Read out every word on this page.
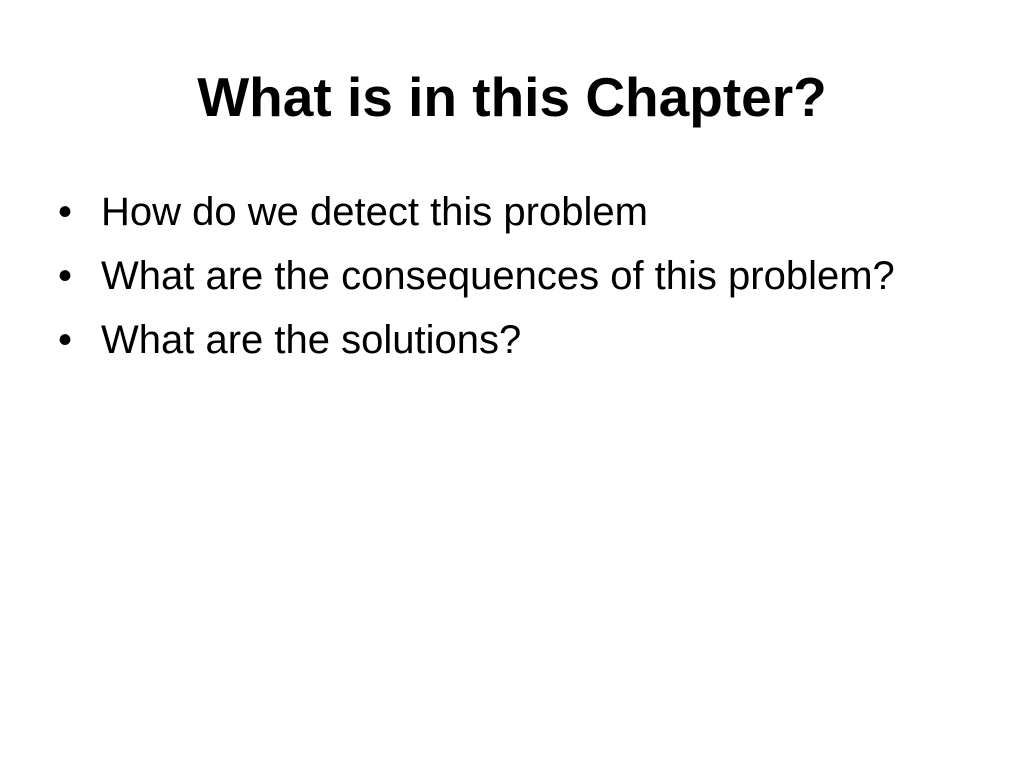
What is in this Chapter?
• How do we detect this problem
• What are the consequences of this problem?
• What are the solutions?
